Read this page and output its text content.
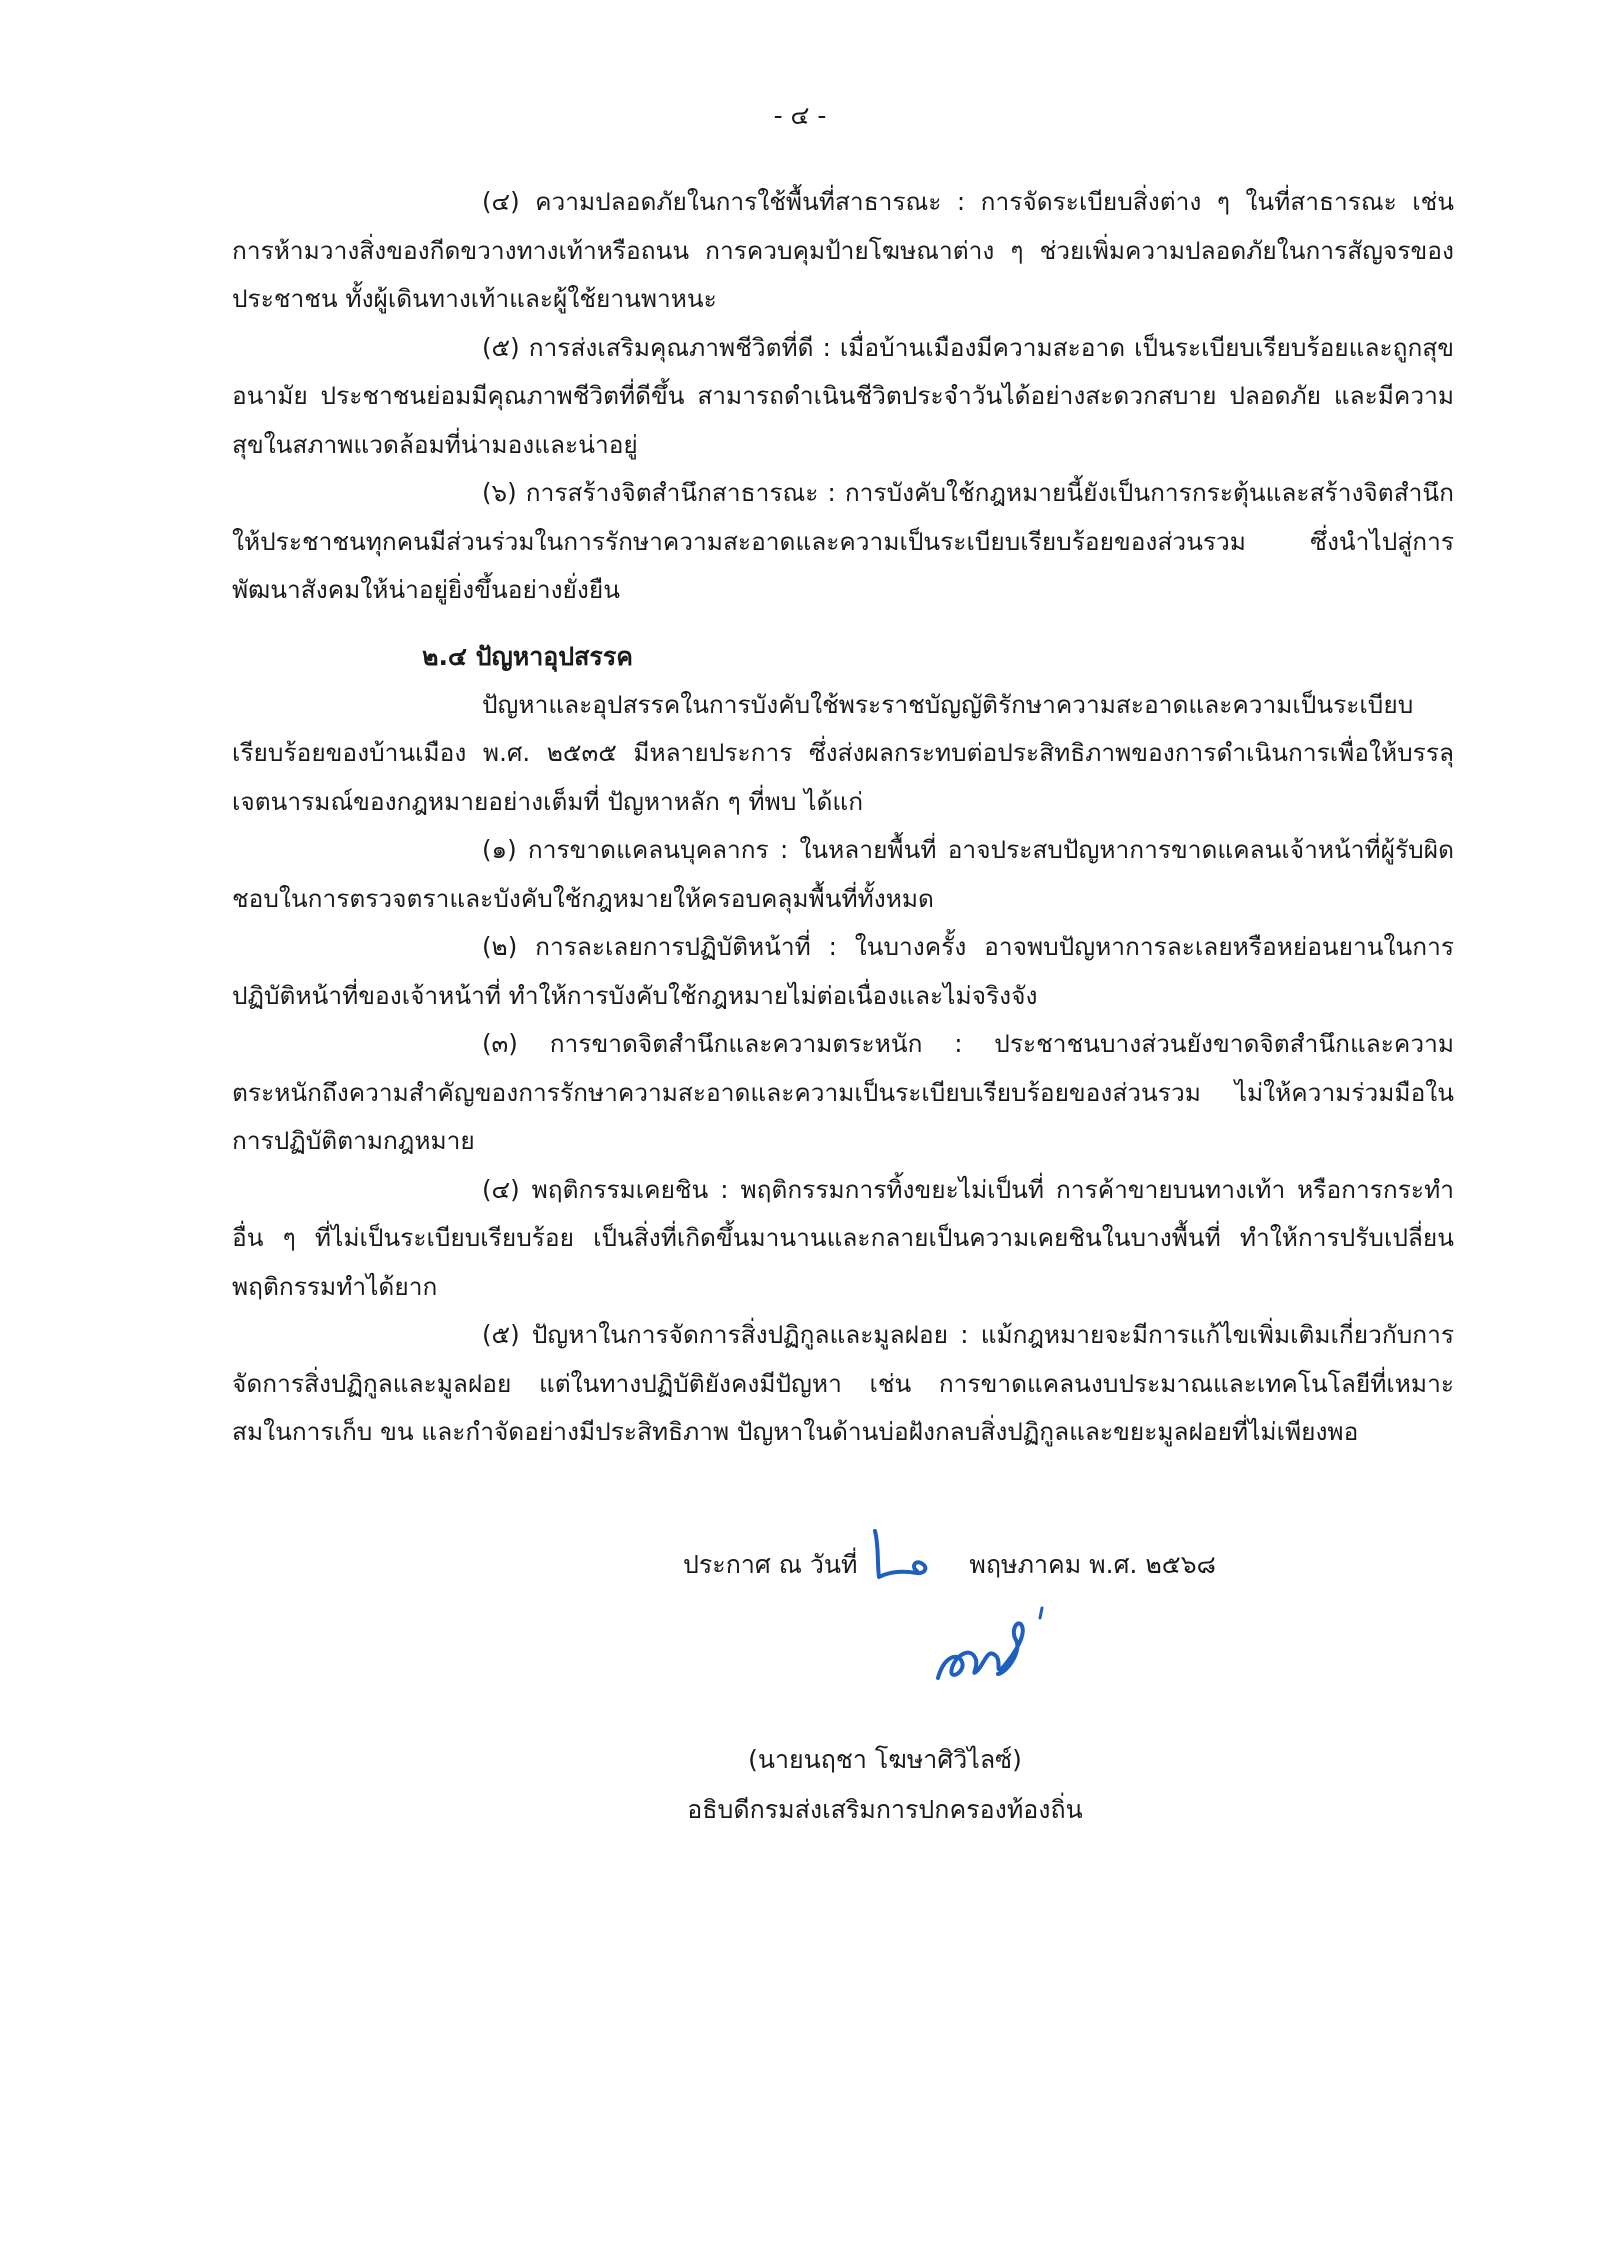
- ๔ -

(๔) ความปลอดภัยในการใช้พื้นที่สาธารณะ : การจัดระเบียบสิ่งต่าง ๆ ในที่สาธารณะ เช่น การห้ามวางสิ่งของกีดขวางทางเท้าหรือถนน การควบคุมป้ายโฆษณาต่าง ๆ ช่วยเพิ่มความปลอดภัยในการสัญจรของประชาชน ทั้งผู้เดินทางเท้าและผู้ใช้ยานพาหนะ

(๕) การส่งเสริมคุณภาพชีวิตที่ดี : เมื่อบ้านเมืองมีความสะอาด เป็นระเบียบเรียบร้อยและถูกสุขอนามัย ประชาชนย่อมมีคุณภาพชีวิตที่ดีขึ้น สามารถดำเนินชีวิตประจำวันได้อย่างสะดวกสบาย ปลอดภัย และมีความสุขในสภาพแวดล้อมที่น่ามองและน่าอยู่

(๖) การสร้างจิตสำนึกสาธารณะ : การบังคับใช้กฎหมายนี้ยังเป็นการกระตุ้นและสร้างจิตสำนึกให้ประชาชนทุกคนมีส่วนร่วมในการรักษาความสะอาดและความเป็นระเบียบเรียบร้อยของส่วนรวม ซึ่งนำไปสู่การพัฒนาสังคมให้น่าอยู่ยิ่งขึ้นอย่างยั่งยืน

๒.๔ ปัญหาอุปสรรค

ปัญหาและอุปสรรคในการบังคับใช้พระราชบัญญัติรักษาความสะอาดและความเป็นระเบียบเรียบร้อยของบ้านเมือง พ.ศ. ๒๕๓๕ มีหลายประการ ซึ่งส่งผลกระทบต่อประสิทธิภาพของการดำเนินการเพื่อให้บรรลุเจตนารมณ์ของกฎหมายอย่างเต็มที่ ปัญหาหลัก ๆ ที่พบ ได้แก่

(๑) การขาดแคลนบุคลากร : ในหลายพื้นที่ อาจประสบปัญหาการขาดแคลนเจ้าหน้าที่ผู้รับผิดชอบในการตรวจตราและบังคับใช้กฎหมายให้ครอบคลุมพื้นที่ทั้งหมด

(๒) การละเลยการปฏิบัติหน้าที่ : ในบางครั้ง อาจพบปัญหาการละเลยหรือหย่อนยานในการปฏิบัติหน้าที่ของเจ้าหน้าที่ ทำให้การบังคับใช้กฎหมายไม่ต่อเนื่องและไม่จริงจัง

(๓) การขาดจิตสำนึกและความตระหนัก : ประชาชนบางส่วนยังขาดจิตสำนึกและความตระหนักถึงความสำคัญของการรักษาความสะอาดและความเป็นระเบียบเรียบร้อยของส่วนรวม ไม่ให้ความร่วมมือในการปฏิบัติตามกฎหมาย

(๔) พฤติกรรมเคยชิน : พฤติกรรมการทิ้งขยะไม่เป็นที่ การค้าขายบนทางเท้า หรือการกระทำอื่น ๆ ที่ไม่เป็นระเบียบเรียบร้อย เป็นสิ่งที่เกิดขึ้นมานานและกลายเป็นความเคยชินในบางพื้นที่ ทำให้การปรับเปลี่ยนพฤติกรรมทำได้ยาก

(๕) ปัญหาในการจัดการสิ่งปฏิกูลและมูลฝอย : แม้กฎหมายจะมีการแก้ไขเพิ่มเติมเกี่ยวกับการจัดการสิ่งปฏิกูลและมูลฝอย แต่ในทางปฏิบัติยังคงมีปัญหา เช่น การขาดแคลนงบประมาณและเทคโนโลยีที่เหมาะสมในการเก็บ ขน และกำจัดอย่างมีประสิทธิภาพ ปัญหาในด้านบ่อฝังกลบสิ่งปฏิกูลและขยะมูลฝอยที่ไม่เพียงพอ

ประกาศ ณ วันที่	พฤษภาคม พ.ศ. ๒๕๖๘
(นายนฤชา โฆษาศิวิไลซ์)
อธิบดีกรมส่งเสริมการปกครองท้องถิ่น
